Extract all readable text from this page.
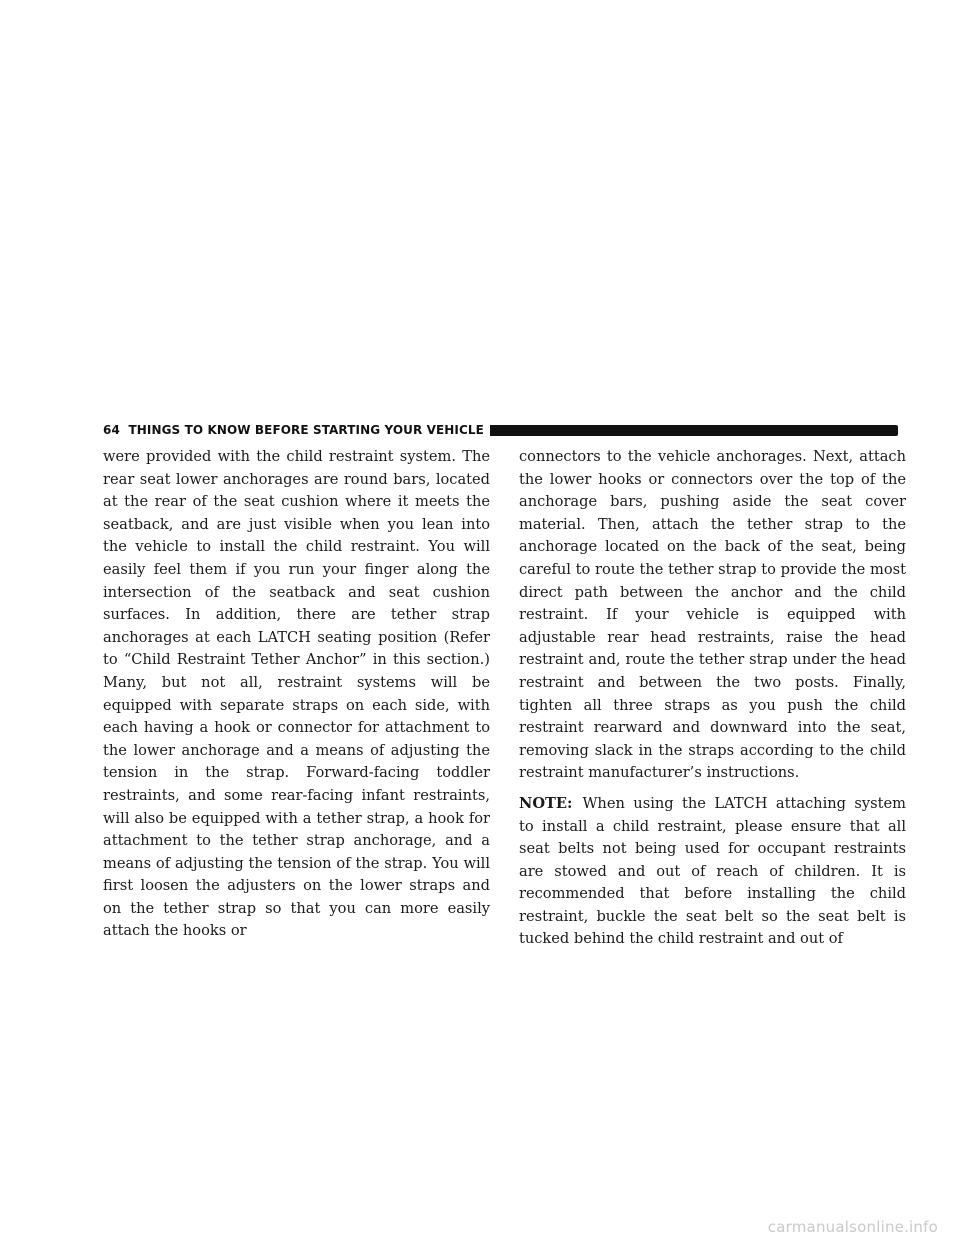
64 THINGS TO KNOW BEFORE STARTING YOUR VEHICLE

were provided with the child restraint system. The rear seat lower anchorages are round bars, located at the rear of the seat cushion where it meets the seatback, and are just visible when you lean into the vehicle to install the child restraint. You will easily feel them if you run your finger along the intersection of the seatback and seat cushion surfaces. In addition, there are tether strap anchorages at each LATCH seating position (Refer to “Child Restraint Tether Anchor” in this section.) Many, but not all, restraint systems will be equipped with separate straps on each side, with each having a hook or connector for attachment to the lower anchorage and a means of adjusting the tension in the strap. Forward-facing toddler restraints, and some rear-facing infant restraints, will also be equipped with a tether strap, a hook for attachment to the tether strap anchorage, and a means of adjusting the tension of the strap. You will first loosen the adjusters on the lower straps and on the tether strap so that you can more easily attach the hooks or

connectors to the vehicle anchorages. Next, attach the lower hooks or connectors over the top of the anchorage bars, pushing aside the seat cover material. Then, attach the tether strap to the anchorage located on the back of the seat, being careful to route the tether strap to provide the most direct path between the anchor and the child restraint. If your vehicle is equipped with adjustable rear head restraints, raise the head restraint and, route the tether strap under the head restraint and between the two posts. Finally, tighten all three straps as you push the child restraint rearward and downward into the seat, removing slack in the straps according to the child restraint manufacturer’s instructions.

NOTE: When using the LATCH attaching system to install a child restraint, please ensure that all seat belts not being used for occupant restraints are stowed and out of reach of children. It is recommended that before installing the child restraint, buckle the seat belt so the seat belt is tucked behind the child restraint and out of

carmanualsonline.info
